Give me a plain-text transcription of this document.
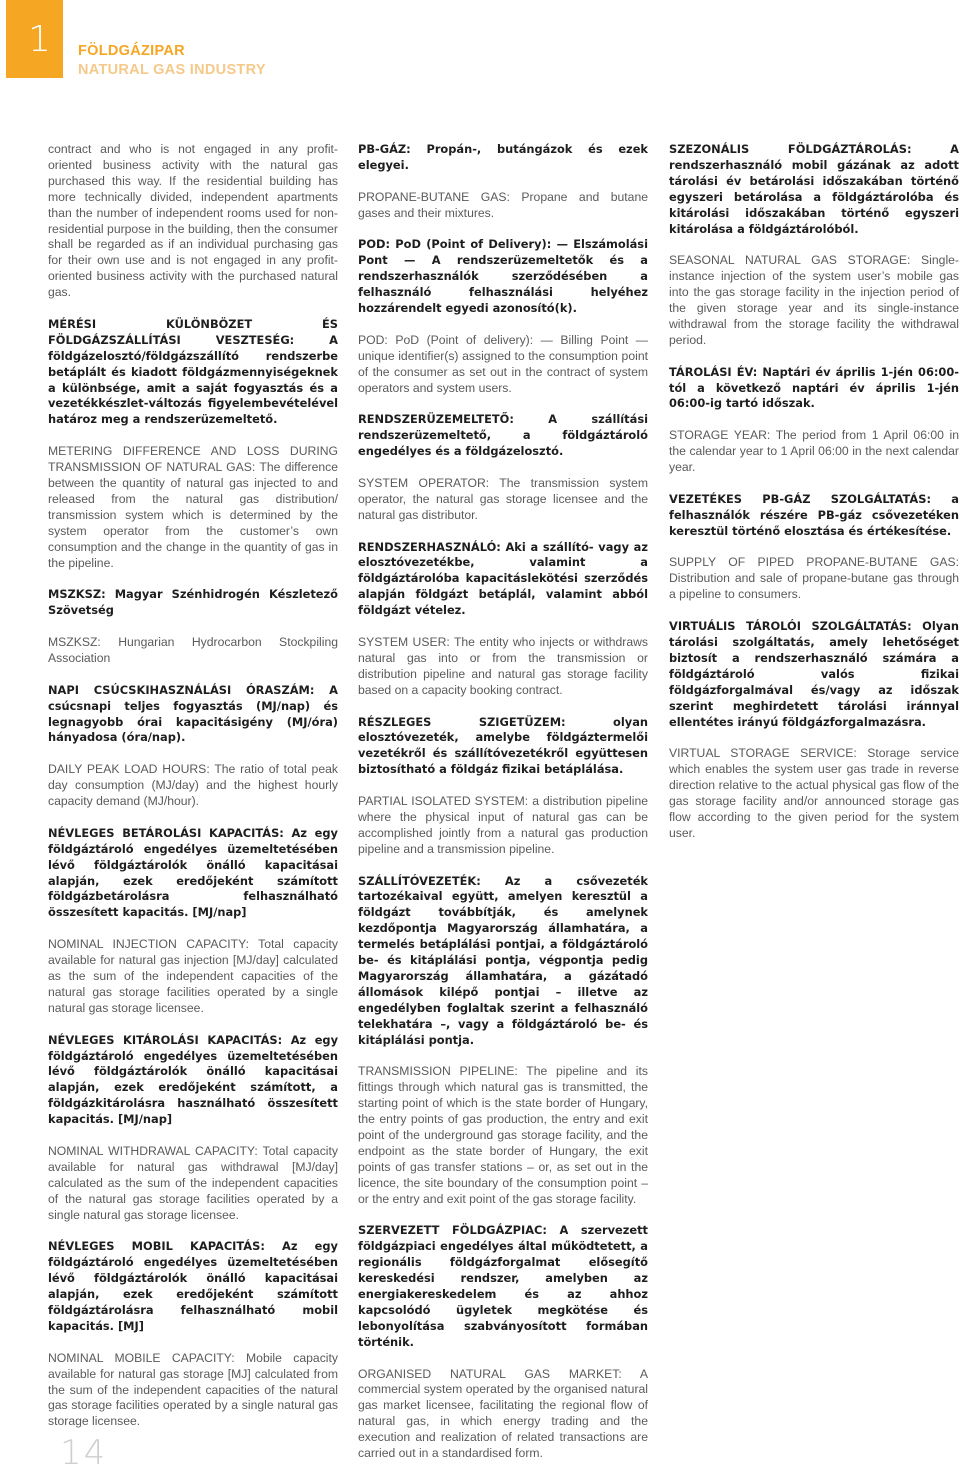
1 FÖLDGÁZIPAR
NATURAL GAS INDUSTRY

contract and who is not engaged in any profit-oriented business activity with the natural gas purchased this way. If the residential building has more technically divided, independent apartments than the number of independent rooms used for non-residential purpose in the building, then the consumer shall be regarded as if an individual purchasing gas for their own use and is not engaged in any profit-oriented business activity with the purchased natural gas.

MÉRÉSI KÜLÖNBÖZET ÉS FÖLDGÁZSZÁLLÍTÁSI VESZTESÉG: A földgázelosztó/földgázszállító rendszerbe betáplált és kiadott földgázmennyiségeknek a különbsége, amit a saját fogyasztás és a vezetékkészlet-változás figyelembevételével határoz meg a rendszerüzemeltető.

METERING DIFFERENCE AND LOSS DURING TRANSMISSION OF NATURAL GAS: The difference between the quantity of natural gas injected to and released from the natural gas distribution/ transmission system which is determined by the system operator from the customer’s own consumption and the change in the quantity of gas in the pipeline.

MSZKSZ: Magyar Szénhidrogén Készletező Szövetség

MSZKSZ: Hungarian Hydrocarbon Stockpiling Association

NAPI CSÚCSKIHASZNÁLÁSI ÓRASZÁM: A csúcsnapi teljes fogyasztás (MJ/nap) és legnagyobb órai kapacitásigény (MJ/óra) hányadosa (óra/nap).

DAILY PEAK LOAD HOURS: The ratio of total peak day consumption (MJ/day) and the highest hourly capacity demand (MJ/hour).

NÉVLEGES BETÁROLÁSI KAPACITÁS: Az egy földgáztároló engedélyes üzemeltetésében lévő földgáztárolók önálló kapacitásai alapján, ezek eredőjeként számított földgázbetárolásra felhasználható összesített kapacitás. [MJ/nap]

NOMINAL INJECTION CAPACITY: Total capacity available for natural gas injection [MJ/day] calculated as the sum of the independent capacities of the natural gas storage facilities operated by a single natural gas storage licensee.

NÉVLEGES KITÁROLÁSI KAPACITÁS: Az egy földgáztároló engedélyes üzemeltetésében lévő földgáztárolók önálló kapacitásai alapján, ezek eredőjeként számított, a földgázkitárolásra használható összesített kapacitás. [MJ/nap]

NOMINAL WITHDRAWAL CAPACITY: Total capacity available for natural gas withdrawal [MJ/day] calculated as the sum of the independent capacities of the natural gas storage facilities operated by a single natural gas storage licensee.

NÉVLEGES MOBIL KAPACITÁS: Az egy földgáztároló engedélyes üzemeltetésében lévő földgáztárolók önálló kapacitásai alapján, ezek eredőjeként számított földgáztárolásra felhasználható mobil kapacitás. [MJ]

NOMINAL MOBILE CAPACITY: Mobile capacity available for natural gas storage [MJ] calculated from the sum of the independent capacities of the natural gas storage facilities operated by a single natural gas storage licensee.

PB-GÁZ: Propán-, butángázok és ezek elegyei.

PROPANE-BUTANE GAS: Propane and butane gases and their mixtures.

POD: PoD (Point of Delivery): — Elszámolási Pont — A rendszerüzemeltetők és a rendszerhasználók szerződésében a felhasználó felhasználási helyéhez hozzárendelt egyedi azonosító(k).

POD: PoD (Point of delivery): — Billing Point — unique identifier(s) assigned to the consumption point of the consumer as set out in the contract of system operators and system users.

RENDSZERÜZEMELTETŐ: A szállítási rendszerüzemeltető, a földgáztároló engedélyes és a földgázelosztó.

SYSTEM OPERATOR: The transmission system operator, the natural gas storage licensee and the natural gas distributor.

RENDSZERHASZNÁLÓ: Aki a szállító- vagy az elosztóvezetékbe, valamint a földgáztárolóba kapacitáslekötési szerződés alapján földgázt betáplál, valamint abból földgázt vételez.

SYSTEM USER: The entity who injects or withdraws natural gas into or from the transmission or distribution pipeline and natural gas storage facility based on a capacity booking contract.

RÉSZLEGES SZIGETÜZEM: olyan elosztóvezeték, amelybe földgáztermelői vezetékről és szállítóvezetékről együttesen biztosítható a földgáz fizikai betáplálása.

PARTIAL ISOLATED SYSTEM: a distribution pipeline where the physical input of natural gas can be accomplished jointly from a natural gas production pipeline and a transmission pipeline.

SZÁLLÍTÓVEZETÉK: Az a csővezeték tartozékaival együtt, amelyen keresztül a földgázt továbbítják, és amelynek kezdőpontja Magyarország államhatára, a termelés betáplálási pontjai, a földgáztároló be- és kitáplálási pontja, végpontja pedig Magyarország államhatára, a gázátadó állomások kilépő pontjai – illetve az engedélyben foglaltak szerint a felhasználó telekhatára –, vagy a földgáztároló be- és kitáplálási pontja.

TRANSMISSION PIPELINE: The pipeline and its fittings through which natural gas is transmitted, the starting point of which is the state border of Hungary, the entry points of gas production, the entry and exit point of the underground gas storage facility, and the endpoint as the state border of Hungary, the exit points of gas transfer stations – or, as set out in the licence, the site boundary of the consumption point – or the entry and exit point of the gas storage facility.

SZERVEZETT FÖLDGÁZPIAC: A szervezett földgázpiaci engedélyes által működtetett, a regionális földgázforgalmat elősegítő kereskedési rendszer, amelyben az energiakereskedelem és az ahhoz kapcsolódó ügyletek megkötése és lebonyolítása szabványosított formában történik.

ORGANISED NATURAL GAS MARKET: A commercial system operated by the organised natural gas market licensee, facilitating the regional flow of natural gas, in which energy trading and the execution and realization of related transactions are carried out in a standardised form.

SZEZONÁLIS FÖLDGÁZTÁROLÁS: A rendszerhasználó mobil gázának az adott tárolási év betárolási időszakában történő egyszeri betárolása a földgáztárolóba és kitárolási időszakában történő egyszeri kitárolása a földgáztárolóból.

SEASONAL NATURAL GAS STORAGE: Single-instance injection of the system user’s mobile gas into the gas storage facility in the injection period of the given storage year and its single-instance withdrawal from the storage facility the withdrawal period.

TÁROLÁSI ÉV: Naptári év április 1-jén 06:00-tól a következő naptári év április 1-jén 06:00-ig tartó időszak.

STORAGE YEAR: The period from 1 April 06:00 in the calendar year to 1 April 06:00 in the next calendar year.

VEZETÉKES PB-GÁZ SZOLGÁLTATÁS: a felhasználók részére PB-gáz csővezetéken keresztül történő elosztása és értékesítése.

SUPPLY OF PIPED PROPANE-BUTANE GAS: Distribution and sale of propane-butane gas through a pipeline to consumers.

VIRTUÁLIS TÁROLÓI SZOLGÁLTATÁS: Olyan tárolási szolgáltatás, amely lehetőséget biztosít a rendszerhasználó számára a földgáztároló valós fizikai földgázforgalmával és/vagy az időszak szerint meghirdetett tárolási iránnyal ellentétes irányú földgázforgalmazásra.

VIRTUAL STORAGE SERVICE: Storage service which enables the system user gas trade in reverse direction relative to the actual physical gas flow of the gas storage facility and/or announced storage gas flow according to the given period for the system user.

14
